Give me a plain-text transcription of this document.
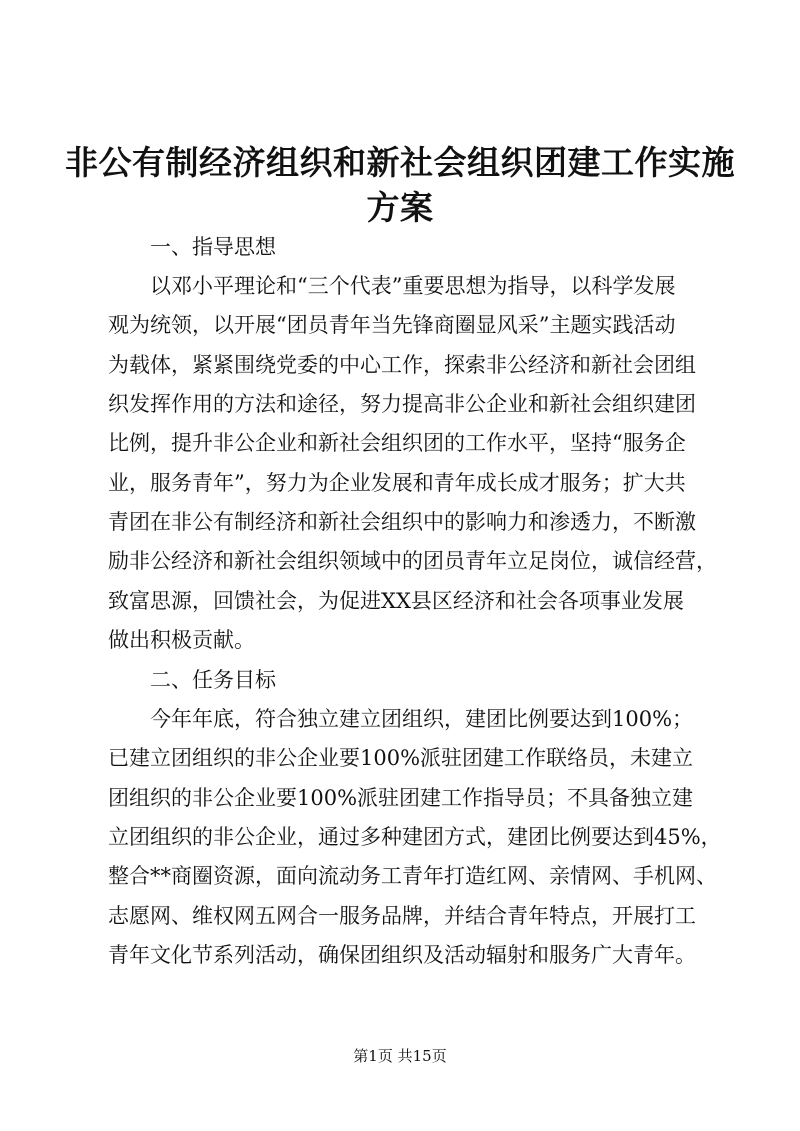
非公有制经济组织和新社会组织团建工作实施
方案
一、指导思想
以邓小平理论和“三个代表”重要思想为指导，以科学发展
观为统领，以开展“团员青年当先锋商圈显风采”主题实践活动
为载体，紧紧围绕党委的中心工作，探索非公经济和新社会团组
织发挥作用的方法和途径，努力提高非公企业和新社会组织建团
比例，提升非公企业和新社会组织团的工作水平，坚持“服务企
业，服务青年”，努力为企业发展和青年成长成才服务；扩大共
青团在非公有制经济和新社会组织中的影响力和渗透力，不断激
励非公经济和新社会组织领域中的团员青年立足岗位，诚信经营，
致富思源，回馈社会，为促进XX县区经济和社会各项事业发展
做出积极贡献。
二、任务目标
今年年底，符合独立建立团组织，建团比例要达到100%；
已建立团组织的非公企业要100%派驻团建工作联络员，未建立
团组织的非公企业要100%派驻团建工作指导员；不具备独立建
立团组织的非公企业，通过多种建团方式，建团比例要达到45%，
整合**商圈资源，面向流动务工青年打造红网、亲情网、手机网、
志愿网、维权网五网合一服务品牌，并结合青年特点，开展打工
青年文化节系列活动，确保团组织及活动辐射和服务广大青年。
第1页 共15页
